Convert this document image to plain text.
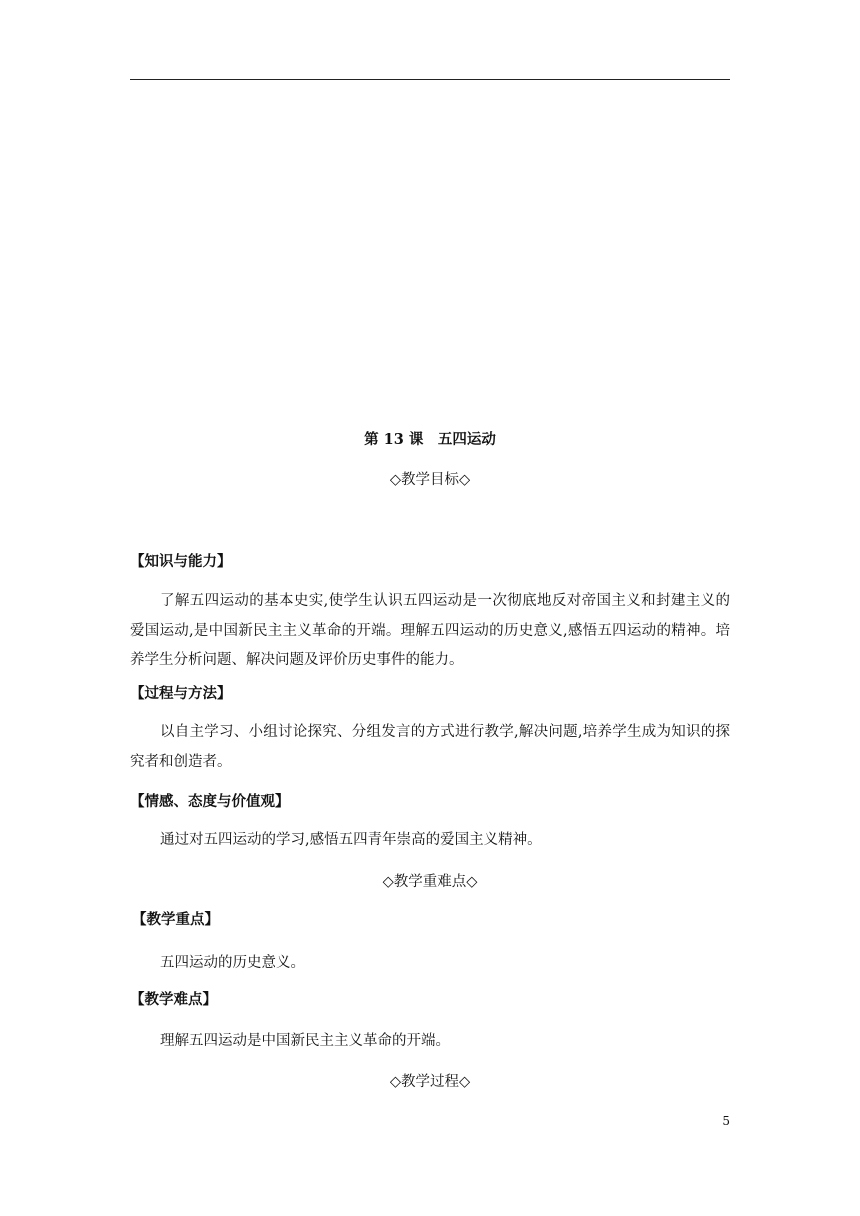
第 13 课　五四运动
◇教学目标◇
【知识与能力】
了解五四运动的基本史实,使学生认识五四运动是一次彻底地反对帝国主义和封建主义的爱国运动,是中国新民主主义革命的开端。理解五四运动的历史意义,感悟五四运动的精神。培养学生分析问题、解决问题及评价历史事件的能力。
【过程与方法】
以自主学习、小组讨论探究、分组发言的方式进行教学,解决问题,培养学生成为知识的探究者和创造者。
【情感、态度与价值观】
通过对五四运动的学习,感悟五四青年崇高的爱国主义精神。
◇教学重难点◇
【教学重点】
五四运动的历史意义。
【教学难点】
理解五四运动是中国新民主主义革命的开端。
◇教学过程◇
5
